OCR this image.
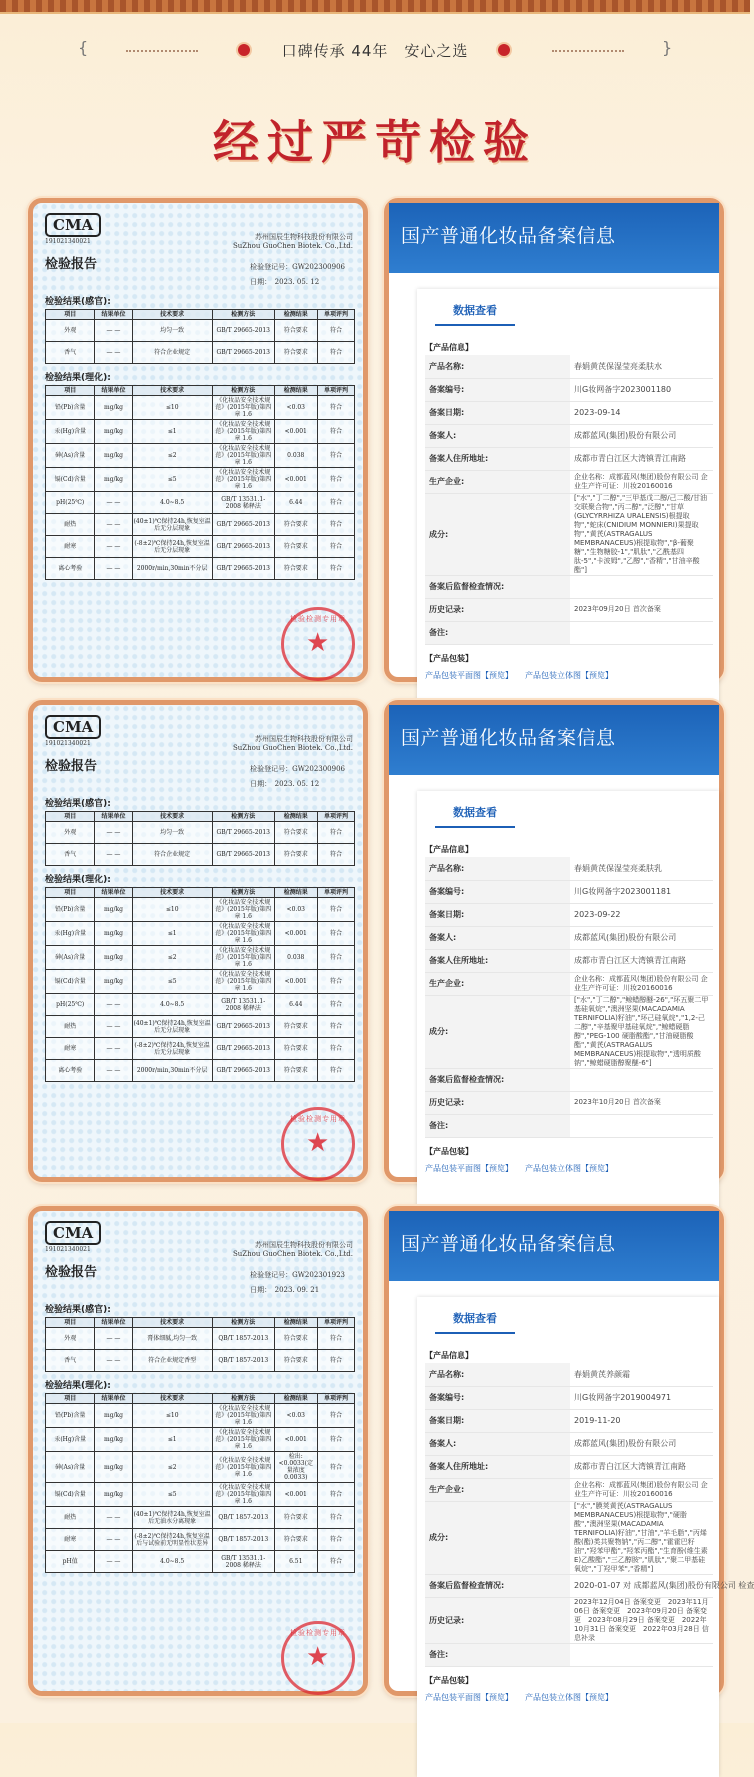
{	口碑传承 44年　安心之选	}
经过严苛检验
CMA
191021340021
苏州国辰生物科技股份有限公司
SuZhou GuoChen Biotek. Co.,Ltd.
检验报告	检验登记号：GW202300906
日期：　2023. 05. 12
检验结果(感官):
项目	结果单位	技术要求	检测方法	检测结果	单项评判
外观	— —	均匀一致	GB/T 29665-2013	符合要求	符合
香气	— —	符合企业规定	GB/T 29665-2013	符合要求	符合
检验结果(理化):
项目	结果单位	技术要求	检测方法	检测结果	单项评判
铅(Pb)含量	mg/kg	≤10	《化妆品安全技术规范》(2015年版)第四章 1.6	<0.03	符合
汞(Hg)含量	mg/kg	≤1	《化妆品安全技术规范》(2015年版)第四章 1.6	<0.001	符合
砷(As)含量	mg/kg	≤2	《化妆品安全技术规范》(2015年版)第四章 1.6	0.038	符合
镉(Cd)含量	mg/kg	≤5	《化妆品安全技术规范》(2015年版)第四章 1.6	<0.001	符合
pH(25℃)	— —	4.0~8.5	GB/T 13531.1-2008 稀释法	6.44	符合
耐热	— —	(40±1)℃保持24h,恢复室温后无分层现象	GB/T 29665-2013	符合要求	符合
耐寒	— —	(-8±2)℃保持24h,恢复室温后无分层现象	GB/T 29665-2013	符合要求	符合
离心考验	— —	2000r/min,30min不分层	GB/T 29665-2013	符合要求	符合
检验检测专用章
★
CMA
191021340021
苏州国辰生物科技股份有限公司
SuZhou GuoChen Biotek. Co.,Ltd.
检验报告	检验登记号：GW202300906
日期：　2023. 05. 12
检验结果(感官):
项目	结果单位	技术要求	检测方法	检测结果	单项评判
外观	— —	均匀一致	GB/T 29665-2013	符合要求	符合
香气	— —	符合企业规定	GB/T 29665-2013	符合要求	符合
检验结果(理化):
项目	结果单位	技术要求	检测方法	检测结果	单项评判
铅(Pb)含量	mg/kg	≤10	《化妆品安全技术规范》(2015年版)第四章 1.6	<0.03	符合
汞(Hg)含量	mg/kg	≤1	《化妆品安全技术规范》(2015年版)第四章 1.6	<0.001	符合
砷(As)含量	mg/kg	≤2	《化妆品安全技术规范》(2015年版)第四章 1.6	0.038	符合
镉(Cd)含量	mg/kg	≤5	《化妆品安全技术规范》(2015年版)第四章 1.6	<0.001	符合
pH(25℃)	— —	4.0~8.5	GB/T 13531.1-2008 稀释法	6.44	符合
耐热	— —	(40±1)℃保持24h,恢复室温后无分层现象	GB/T 29665-2013	符合要求	符合
耐寒	— —	(-8±2)℃保持24h,恢复室温后无分层现象	GB/T 29665-2013	符合要求	符合
离心考验	— —	2000r/min,30min不分层	GB/T 29665-2013	符合要求	符合
检验检测专用章
★
CMA
191021340021
苏州国辰生物科技股份有限公司
SuZhou GuoChen Biotek. Co.,Ltd.
检验报告	检验登记号：GW202301923
日期：　2023. 09. 21
检验结果(感官):
项目	结果单位	技术要求	检测方法	检测结果	单项评判
外观	— —	膏体细腻,均匀一致	QB/T 1857-2013	符合要求	符合
香气	— —	符合企业规定香型	QB/T 1857-2013	符合要求	符合
检验结果(理化):
项目	结果单位	技术要求	检测方法	检测结果	单项评判
铅(Pb)含量	mg/kg	≤10	《化妆品安全技术规范》(2015年版)第四章 1.6	<0.03	符合
汞(Hg)含量	mg/kg	≤1	《化妆品安全技术规范》(2015年版)第四章 1.6	<0.001	符合
砷(As)含量	mg/kg	≤2	《化妆品安全技术规范》(2015年版)第四章 1.6	检出:<0.0033(定量浓度0.0033)	符合
镉(Cd)含量	mg/kg	≤5	《化妆品安全技术规范》(2015年版)第四章 1.6	<0.001	符合
耐热	— —	(40±1)℃保持24h,恢复室温后无油水分离现象	QB/T 1857-2013	符合要求	符合
耐寒	— —	(-8±2)℃保持24h,恢复室温后与试验前无明显性状差异	QB/T 1857-2013	符合要求	符合
pH值	— —	4.0~8.5	GB/T 13531.1-2008 稀释法	6.51	符合
检验检测专用章
★
国产普通化妆品备案信息
数据查看
【产品信息】
产品名称:	春娟黄芪保湿莹亮柔肤水
备案编号:	川G妆网备字2023001180
备案日期:	2023-09-14
备案人:	成都蓝风(集团)股份有限公司
备案人住所地址:	成都市青白江区大湾镇青江南路
生产企业:	企业名称：成都蓝风(集团)股份有限公司 企业生产许可证：川妆20160016
成分:	["水","丁二醇","三甲基戊二醇/己二酸/甘油交联聚合物","丙二醇","泛醇","甘草(GLYCYRRHIZA URALENSIS)根提取物","蛇床(CNIDIUM MONNIERI)果提取物","黄芪(ASTRAGALUS MEMBRANACEUS)根提取物","β-葡聚糖","生物糖胶-1","肌肽","乙酰基四肽-5","卡波姆","乙醇","香精","甘油辛酸酯"]
备案后监督检查情况:	
历史记录:	2023年09月20日 首次备案
备注:	
【产品包装】
产品包装平面图【预览】　　 产品包装立体图【预览】
国产普通化妆品备案信息
数据查看
【产品信息】
产品名称:	春娟黄芪保湿莹亮柔肤乳
备案编号:	川G妆网备字2023001181
备案日期:	2023-09-22
备案人:	成都蓝风(集团)股份有限公司
备案人住所地址:	成都市青白江区大湾镇青江南路
生产企业:	企业名称：成都蓝风(集团)股份有限公司 企业生产许可证：川妆20160016
成分:	["水","丁二醇","鲸蜡醇醚-26","环五聚二甲基硅氧烷","澳洲坚果(MACADAMIA TERNIFOLIA)籽油","环己硅氧烷","1,2-己二醇","辛基聚甲基硅氧烷","鲸蜡硬脂醇","PEG-100 硬脂酸酯","甘油硬脂酸酯","黄芪(ASTRAGALUS MEMBRANACEUS)根提取物","透明质酸钠","鲸蜡硬脂醇聚醚-6"]
备案后监督检查情况:	
历史记录:	2023年10月20日 首次备案
备注:	
【产品包装】
产品包装平面图【预览】　　 产品包装立体图【预览】
国产普通化妆品备案信息
数据查看
【产品信息】
产品名称:	春娟黄芪养颜霜
备案编号:	川G妆网备字2019004971
备案日期:	2019-11-20
备案人:	成都蓝风(集团)股份有限公司
备案人住所地址:	成都市青白江区大湾镇青江南路
生产企业:	企业名称：成都蓝风(集团)股份有限公司 企业生产许可证：川妆20160016
成分:	["水","膜荚黄芪(ASTRAGALUS MEMBRANACEUS)根提取物","硬脂酸","澳洲坚果(MACADAMIA TERNIFOLIA)籽油","甘油","羊毛脂","丙烯酸(酯)类共聚物钠","丙二醇","霍霍巴籽油","羟苯甲酯","羟苯丙酯","生育酚(维生素E)乙酸酯","三乙醇胺","肌肽","聚二甲基硅氧烷","丁羟甲苯","香精"]
备案后监督检查情况:	2020-01-07 对 成都蓝风(集团)股份有限公司 检查
历史记录:	2023年12月04日 备案变更　2023年11月06日 备案变更　2023年09月20日 备案变更　2023年08月29日 备案变更　2022年10月31日 备案变更　2022年03月28日 信息补录
备注:	
【产品包装】
产品包装平面图【预览】　　 产品包装立体图【预览】
